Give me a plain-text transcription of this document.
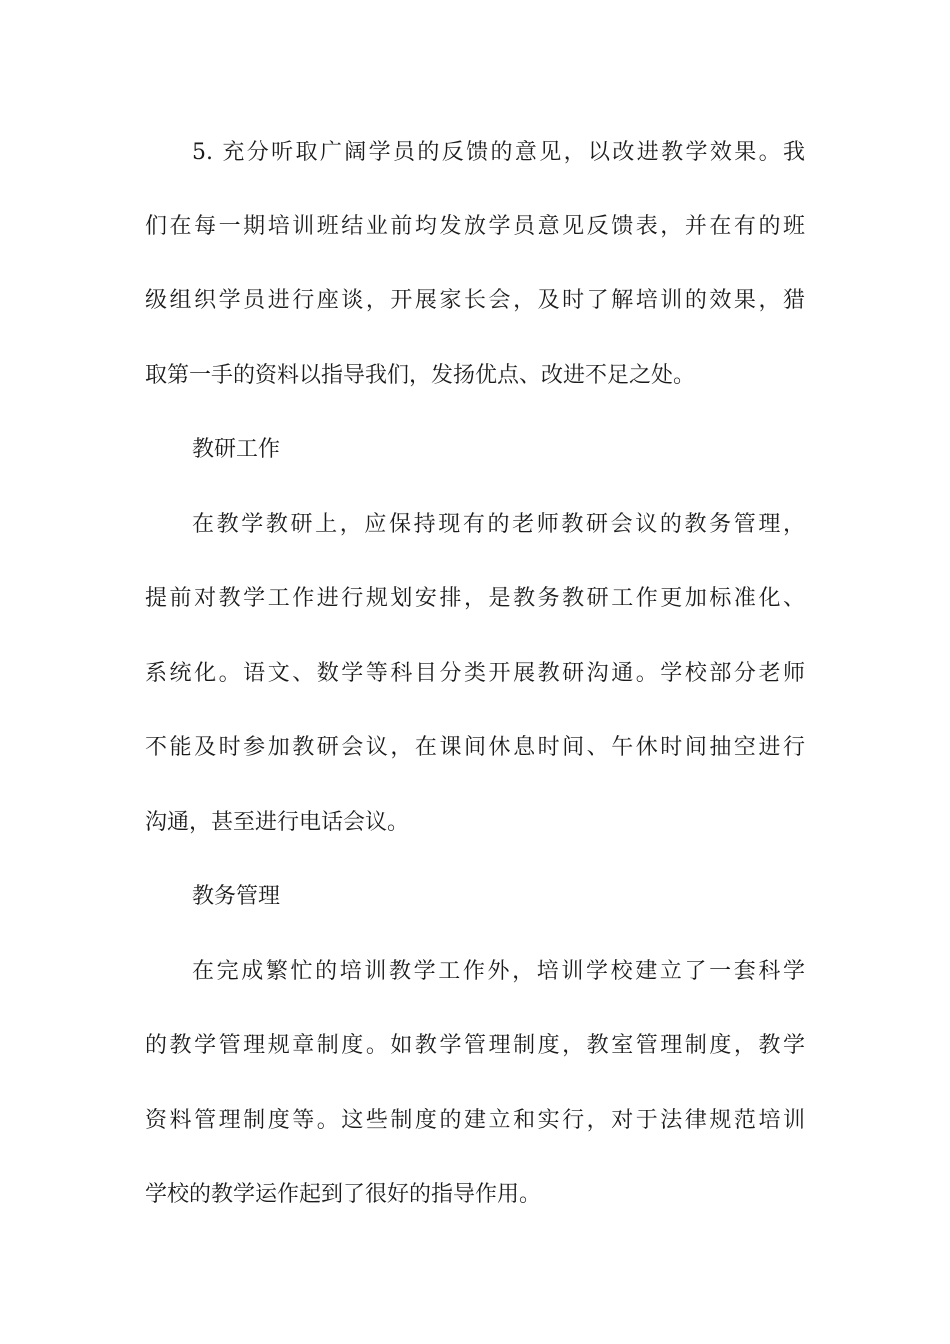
5. 充分听取广阔学员的反馈的意见，以改进教学效果。我
们在每一期培训班结业前均发放学员意见反馈表，并在有的班
级组织学员进行座谈，开展家长会，及时了解培训的效果，猎
取第一手的资料以指导我们，发扬优点、改进不足之处。
教研工作
在教学教研上，应保持现有的老师教研会议的教务管理，
提前对教学工作进行规划安排，是教务教研工作更加标准化、
系统化。语文、数学等科目分类开展教研沟通。学校部分老师
不能及时参加教研会议，在课间休息时间、午休时间抽空进行
沟通，甚至进行电话会议。
教务管理
在完成繁忙的培训教学工作外，培训学校建立了一套科学
的教学管理规章制度。如教学管理制度，教室管理制度，教学
资料管理制度等。这些制度的建立和实行，对于法律规范培训
学校的教学运作起到了很好的指导作用。
